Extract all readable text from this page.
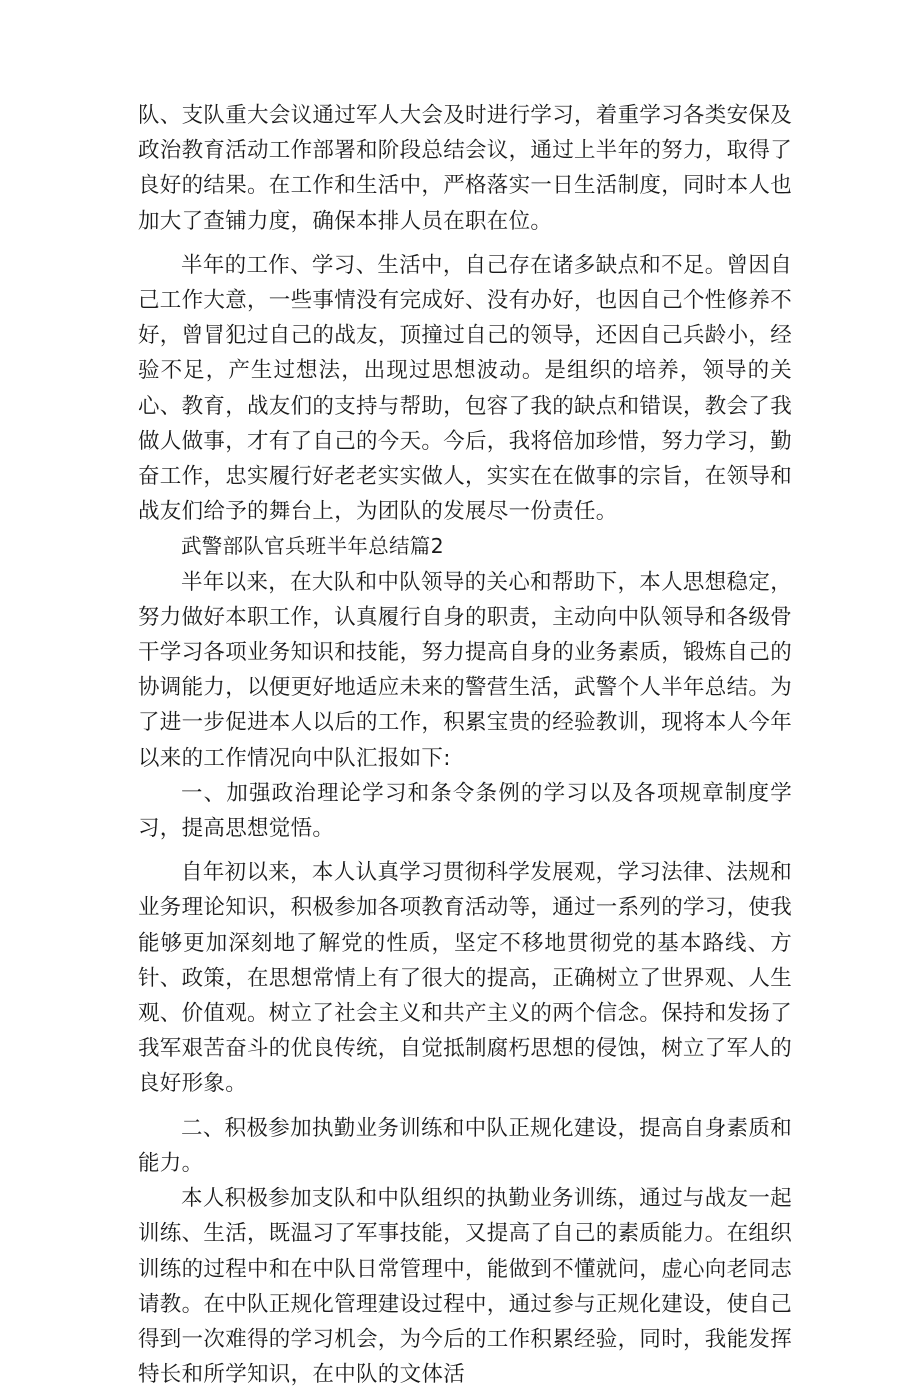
队、支队重大会议通过军人大会及时进行学习，着重学习各类安保及政治教育活动工作部署和阶段总结会议，通过上半年的努力，取得了良好的结果。在工作和生活中，严格落实一日生活制度，同时本人也加大了查铺力度，确保本排人员在职在位。

半年的工作、学习、生活中，自己存在诸多缺点和不足。曾因自己工作大意，一些事情没有完成好、没有办好，也因自己个性修养不好，曾冒犯过自己的战友，顶撞过自己的领导，还因自己兵龄小，经验不足，产生过想法，出现过思想波动。是组织的培养，领导的关心、教育，战友们的支持与帮助，包容了我的缺点和错误，教会了我做人做事，才有了自己的今天。今后，我将倍加珍惜，努力学习，勤奋工作，忠实履行好老老实实做人，实实在在做事的宗旨，在领导和战友们给予的舞台上，为团队的发展尽一份责任。

武警部队官兵班半年总结篇2

半年以来，在大队和中队领导的关心和帮助下，本人思想稳定，努力做好本职工作，认真履行自身的职责，主动向中队领导和各级骨干学习各项业务知识和技能，努力提高自身的业务素质，锻炼自己的协调能力，以便更好地适应未来的警营生活，武警个人半年总结。为了进一步促进本人以后的工作，积累宝贵的经验教训，现将本人今年以来的工作情况向中队汇报如下:

一、加强政治理论学习和条令条例的学习以及各项规章制度学习，提高思想觉悟。

自年初以来，本人认真学习贯彻科学发展观，学习法律、法规和业务理论知识，积极参加各项教育活动等，通过一系列的学习，使我能够更加深刻地了解党的性质，坚定不移地贯彻党的基本路线、方针、政策，在思想常情上有了很大的提高，正确树立了世界观、人生观、价值观。树立了社会主义和共产主义的两个信念。保持和发扬了我军艰苦奋斗的优良传统，自觉抵制腐朽思想的侵蚀，树立了军人的良好形象。

二、积极参加执勤业务训练和中队正规化建设，提高自身素质和能力。

本人积极参加支队和中队组织的执勤业务训练，通过与战友一起训练、生活，既温习了军事技能，又提高了自己的素质能力。在组织训练的过程中和在中队日常管理中，能做到不懂就问，虚心向老同志请教。在中队正规化管理建设过程中，通过参与正规化建设，使自己得到一次难得的学习机会，为今后的工作积累经验，同时，我能发挥特长和所学知识，在中队的文体活
